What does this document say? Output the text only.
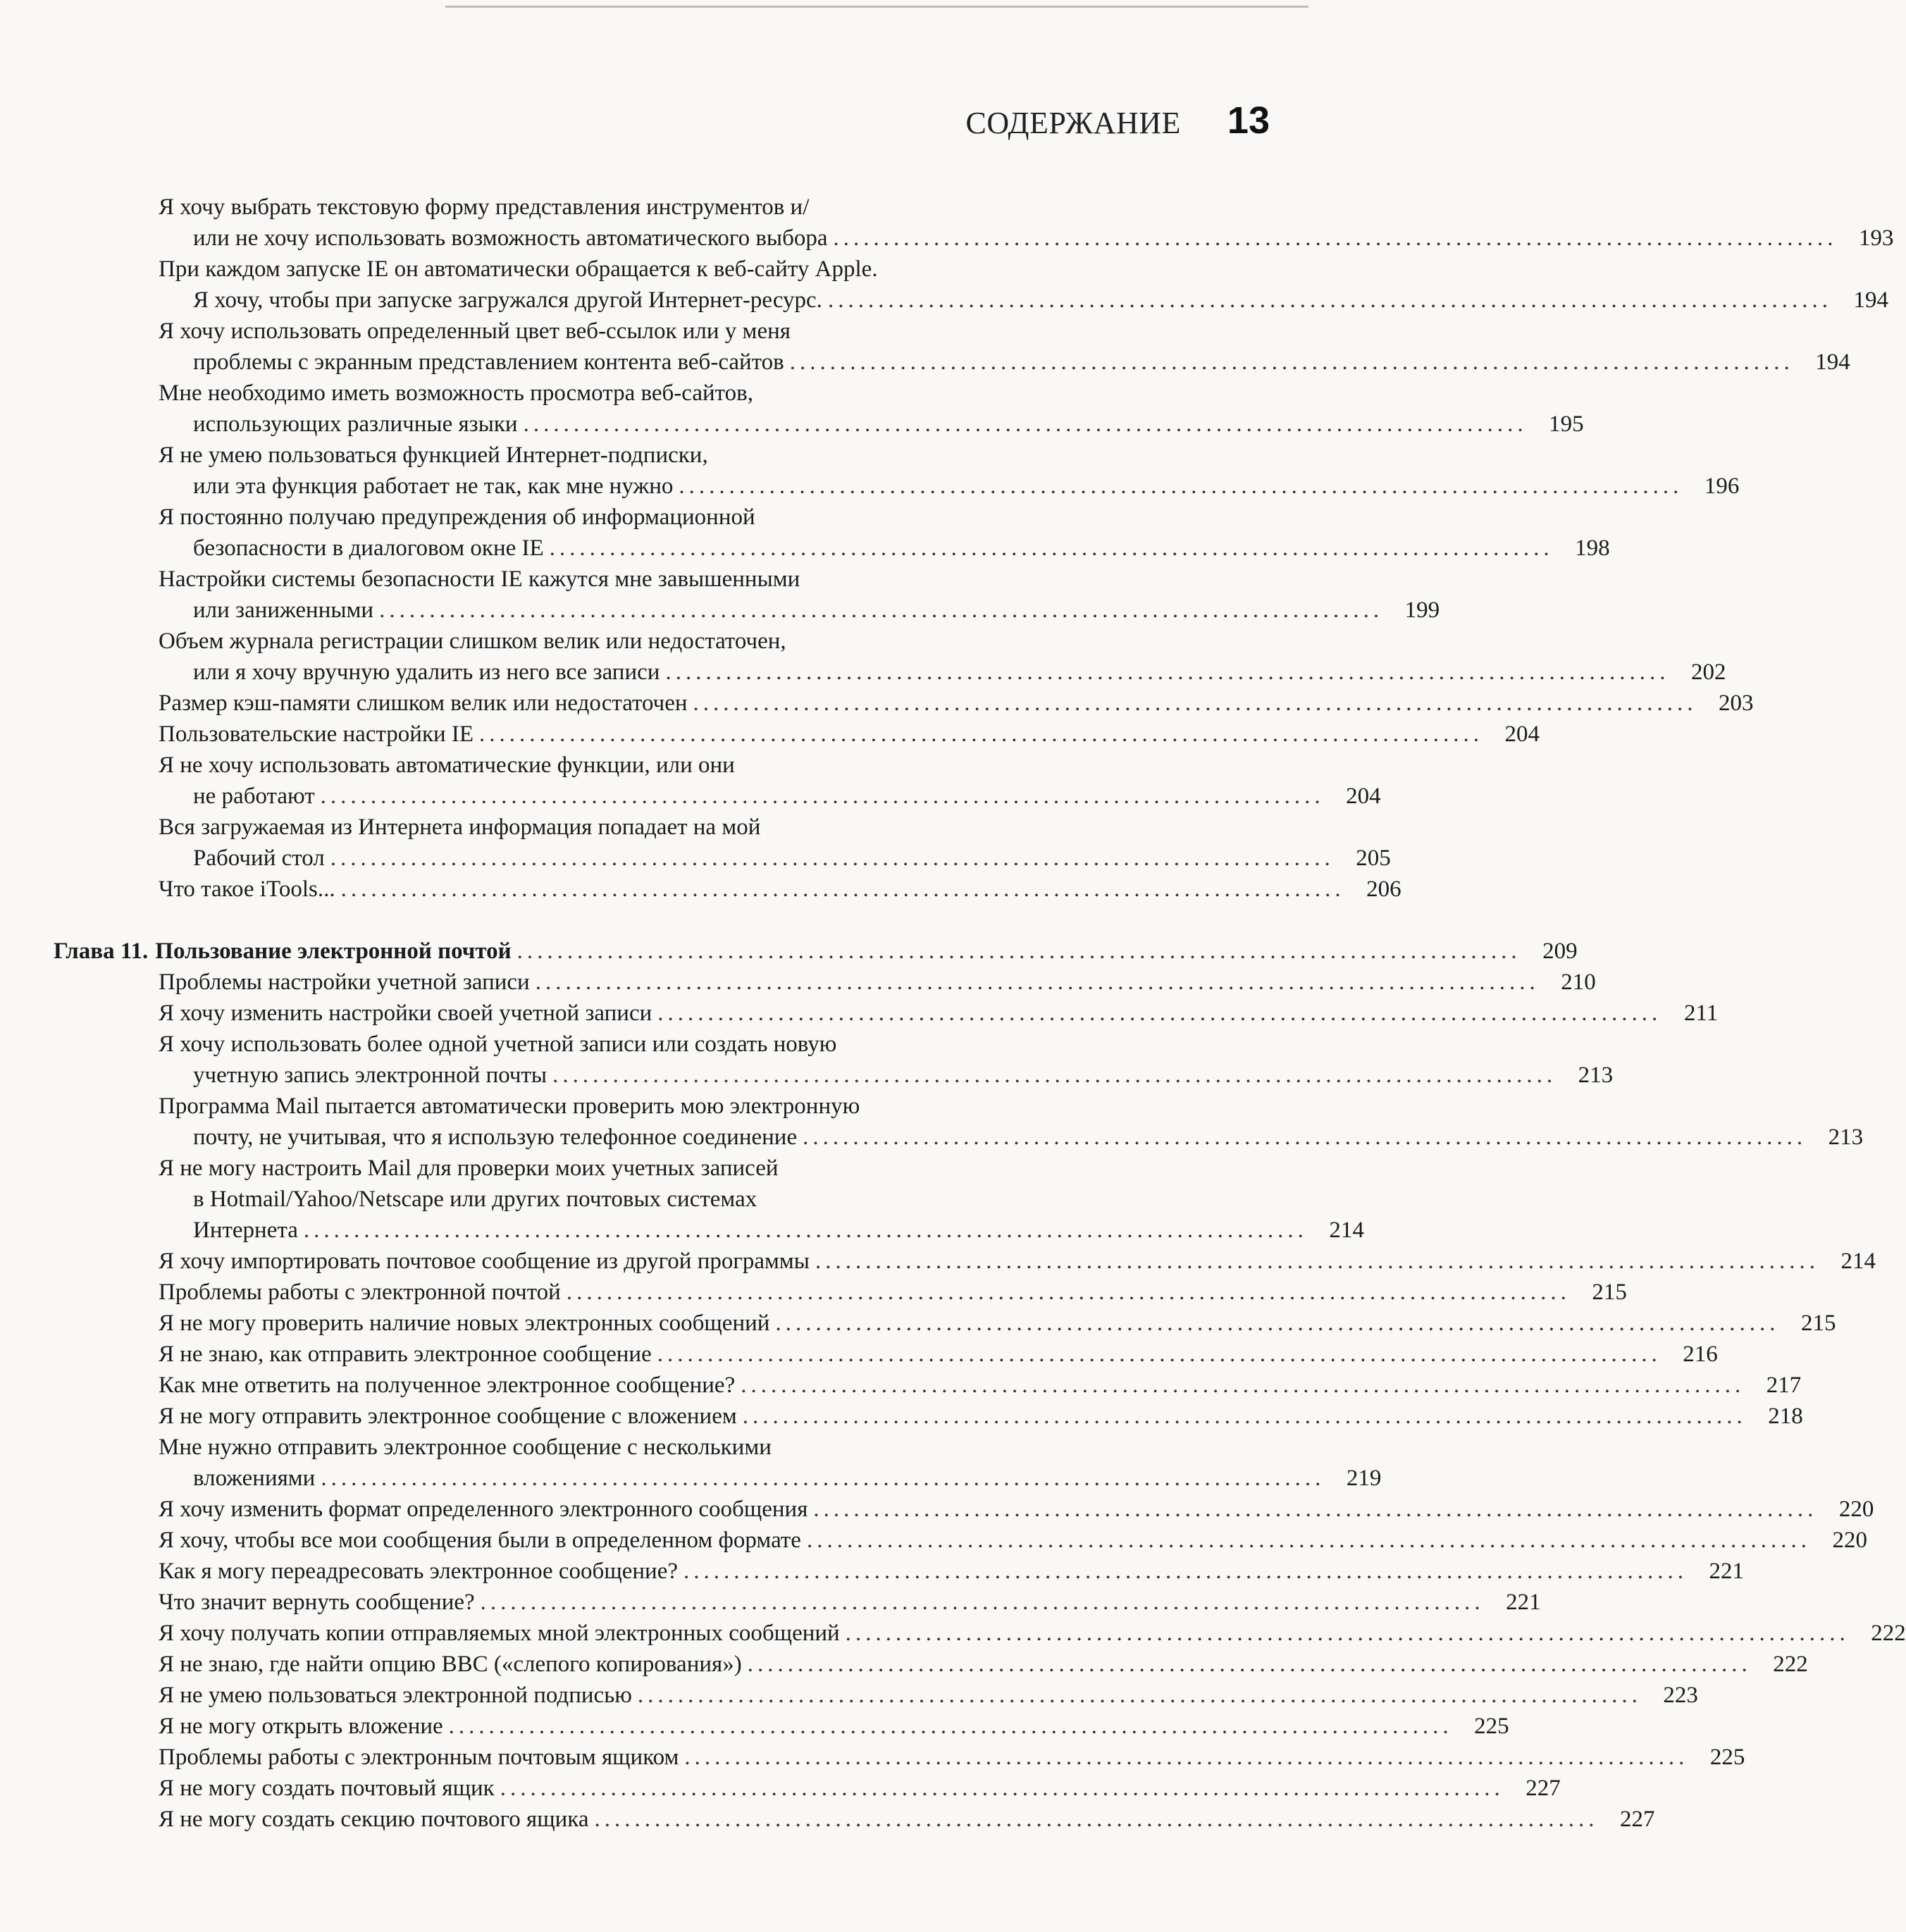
СОДЕРЖАНИЕ 13
Я хочу выбрать текстовую форму представления инструментов и/
или не хочу использовать возможность автоматического выбора .................................................................................................... 193
При каждом запуске IE он автоматически обращается к веб-сайту Apple.
Я хочу, чтобы при запуске загружался другой Интернет-ресурс. .................................................................................................... 194
Я хочу использовать определенный цвет веб-ссылок или у меня
проблемы с экранным представлением контента веб-сайтов .................................................................................................... 194
Мне необходимо иметь возможность просмотра веб-сайтов,
использующих различные языки .................................................................................................... 195
Я не умею пользоваться функцией Интернет-подписки,
или эта функция работает не так, как мне нужно .................................................................................................... 196
Я постоянно получаю предупреждения об информационной
безопасности в диалоговом окне IE .................................................................................................... 198
Настройки системы безопасности IE кажутся мне завышенными
или заниженными .................................................................................................... 199
Объем журнала регистрации слишком велик или недостаточен,
или я хочу вручную удалить из него все записи .................................................................................................... 202
Размер кэш-памяти слишком велик или недостаточен .................................................................................................... 203
Пользовательские настройки IE .................................................................................................... 204
Я не хочу использовать автоматические функции, или они
не работают .................................................................................................... 204
Вся загружаемая из Интернета информация попадает на мой
Рабочий стол .................................................................................................... 205
Что такое iTools... .................................................................................................... 206
Глава 11. Пользование электронной почтой .................................................................................................... 209
Проблемы настройки учетной записи .................................................................................................... 210
Я хочу изменить настройки своей учетной записи .................................................................................................... 211
Я хочу использовать более одной учетной записи или создать новую
учетную запись электронной почты .................................................................................................... 213
Программа Mail пытается автоматически проверить мою электронную
почту, не учитывая, что я использую телефонное соединение .................................................................................................... 213
Я не могу настроить Mail для проверки моих учетных записей
в Hotmail/Yahoo/Netscape или других почтовых системах
Интернета .................................................................................................... 214
Я хочу импортировать почтовое сообщение из другой программы .................................................................................................... 214
Проблемы работы с электронной почтой .................................................................................................... 215
Я не могу проверить наличие новых электронных сообщений .................................................................................................... 215
Я не знаю, как отправить электронное сообщение .................................................................................................... 216
Как мне ответить на полученное электронное сообщение? .................................................................................................... 217
Я не могу отправить электронное сообщение с вложением .................................................................................................... 218
Мне нужно отправить электронное сообщение с несколькими
вложениями .................................................................................................... 219
Я хочу изменить формат определенного электронного сообщения .................................................................................................... 220
Я хочу, чтобы все мои сообщения были в определенном формате .................................................................................................... 220
Как я могу переадресовать электронное сообщение? .................................................................................................... 221
Что значит вернуть сообщение? .................................................................................................... 221
Я хочу получать копии отправляемых мной электронных сообщений .................................................................................................... 222
Я не знаю, где найти опцию BBC («слепого копирования») .................................................................................................... 222
Я не умею пользоваться электронной подписью .................................................................................................... 223
Я не могу открыть вложение .................................................................................................... 225
Проблемы работы с электронным почтовым ящиком .................................................................................................... 225
Я не могу создать почтовый ящик .................................................................................................... 227
Я не могу создать секцию почтового ящика .................................................................................................... 227
